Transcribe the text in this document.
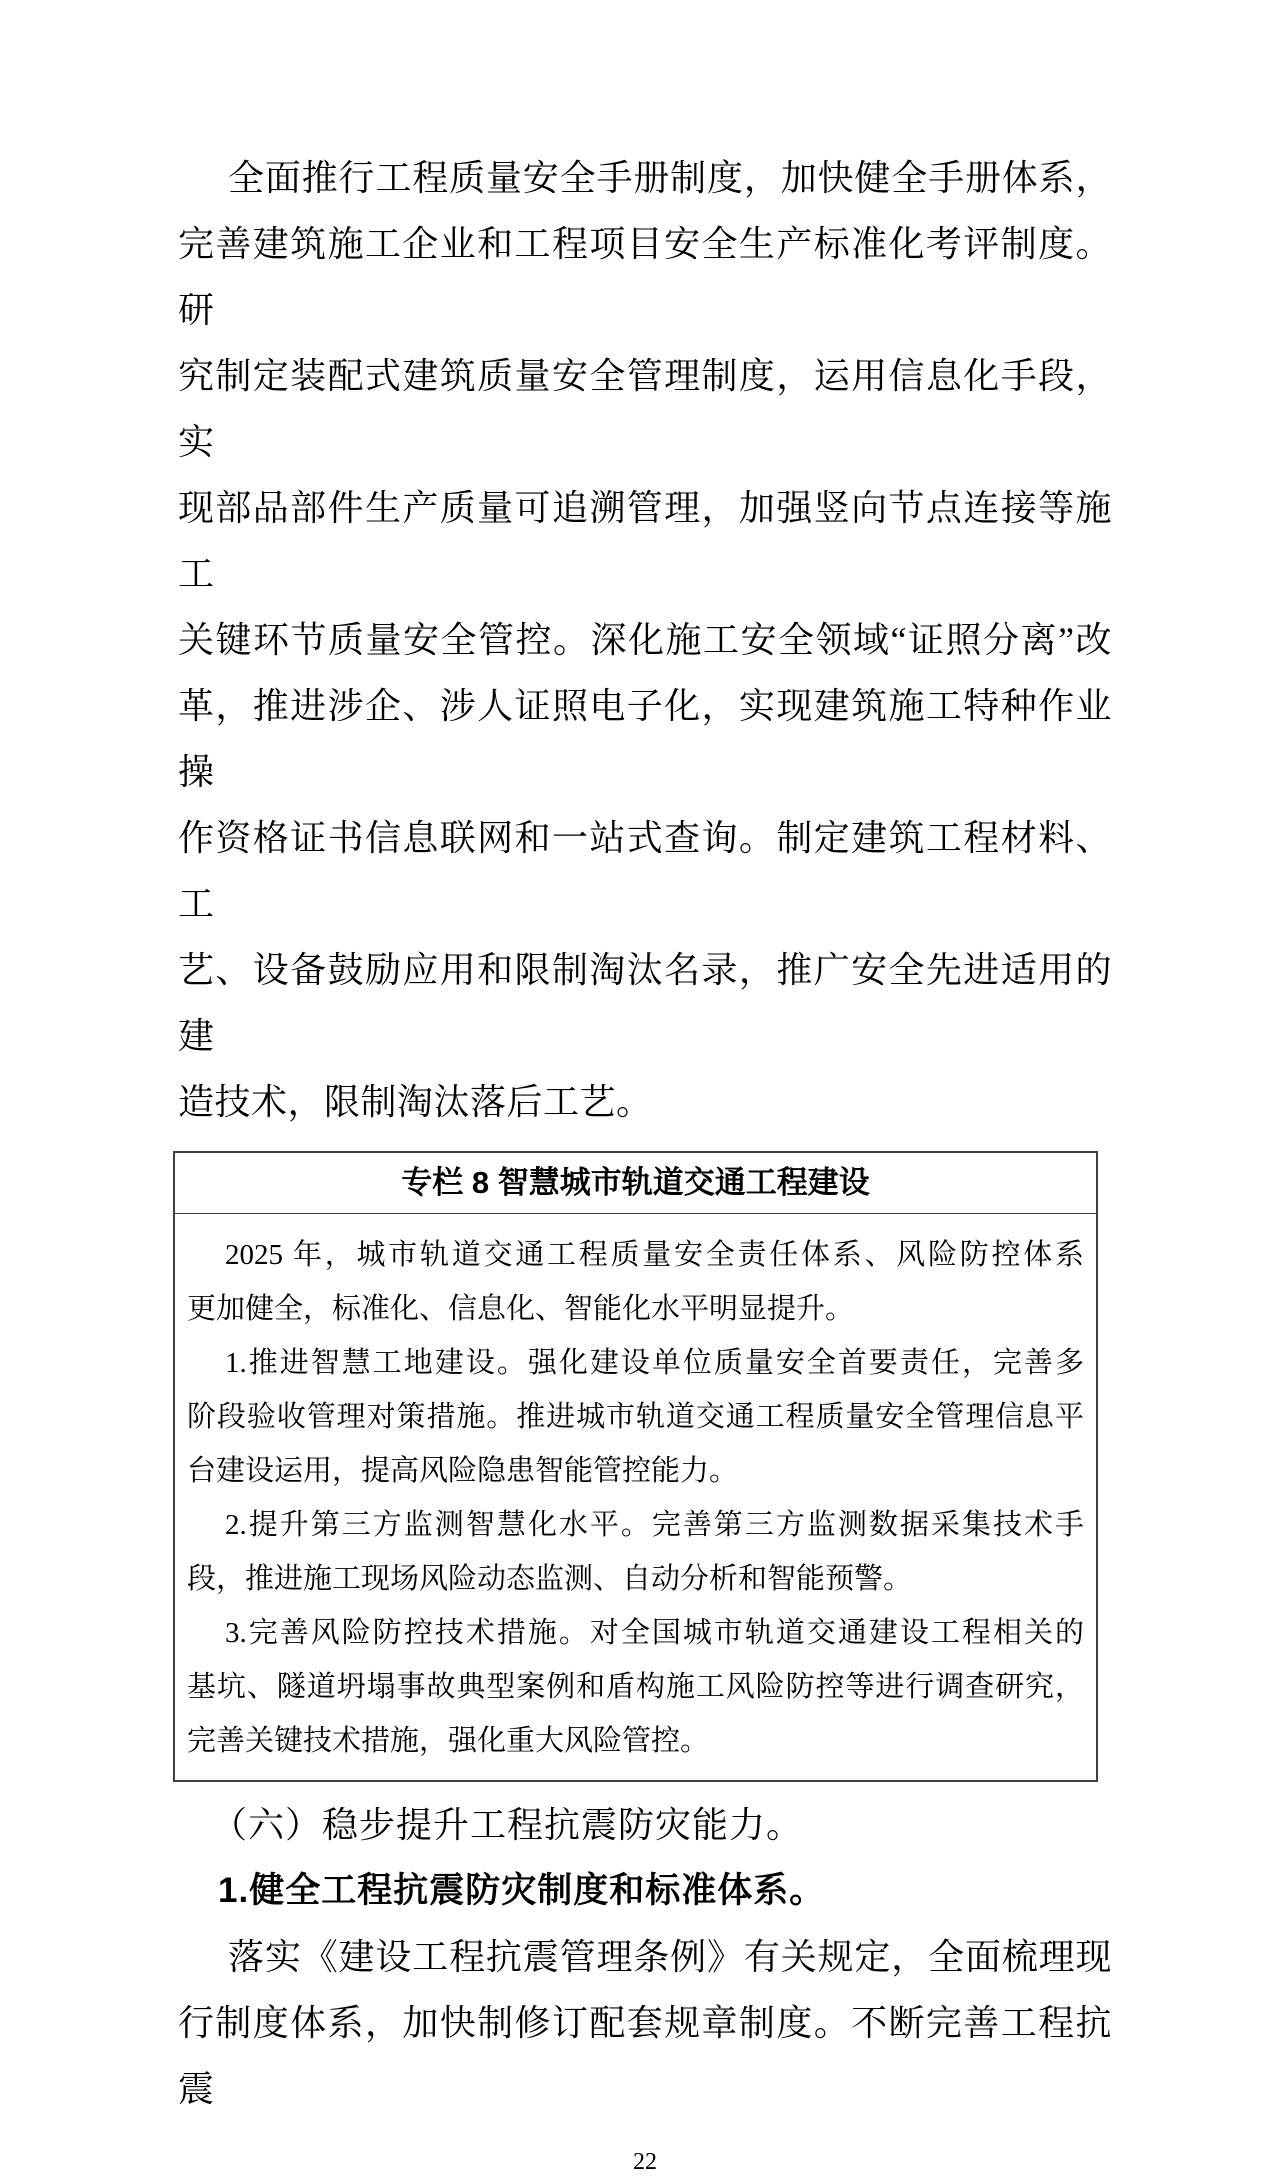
全面推行工程质量安全手册制度，加快健全手册体系，
完善建筑施工企业和工程项目安全生产标准化考评制度。研
究制定装配式建筑质量安全管理制度，运用信息化手段，实
现部品部件生产质量可追溯管理，加强竖向节点连接等施工
关键环节质量安全管控。深化施工安全领域“证照分离”改
革，推进涉企、涉人证照电子化，实现建筑施工特种作业操
作资格证书信息联网和一站式查询。制定建筑工程材料、工
艺、设备鼓励应用和限制淘汰名录，推广安全先进适用的建
造技术，限制淘汰落后工艺。
专栏 8 智慧城市轨道交通工程建设
2025 年，城市轨道交通工程质量安全责任体系、风险防控体系
更加健全，标准化、信息化、智能化水平明显提升。
1.推进智慧工地建设。强化建设单位质量安全首要责任，完善多
阶段验收管理对策措施。推进城市轨道交通工程质量安全管理信息平
台建设运用，提高风险隐患智能管控能力。
2.提升第三方监测智慧化水平。完善第三方监测数据采集技术手
段，推进施工现场风险动态监测、自动分析和智能预警。
3.完善风险防控技术措施。对全国城市轨道交通建设工程相关的
基坑、隧道坍塌事故典型案例和盾构施工风险防控等进行调查研究，
完善关键技术措施，强化重大风险管控。
（六）稳步提升工程抗震防灾能力。
1.健全工程抗震防灾制度和标准体系。
落实《建设工程抗震管理条例》有关规定，全面梳理现
行制度体系，加快制修订配套规章制度。不断完善工程抗震
22
